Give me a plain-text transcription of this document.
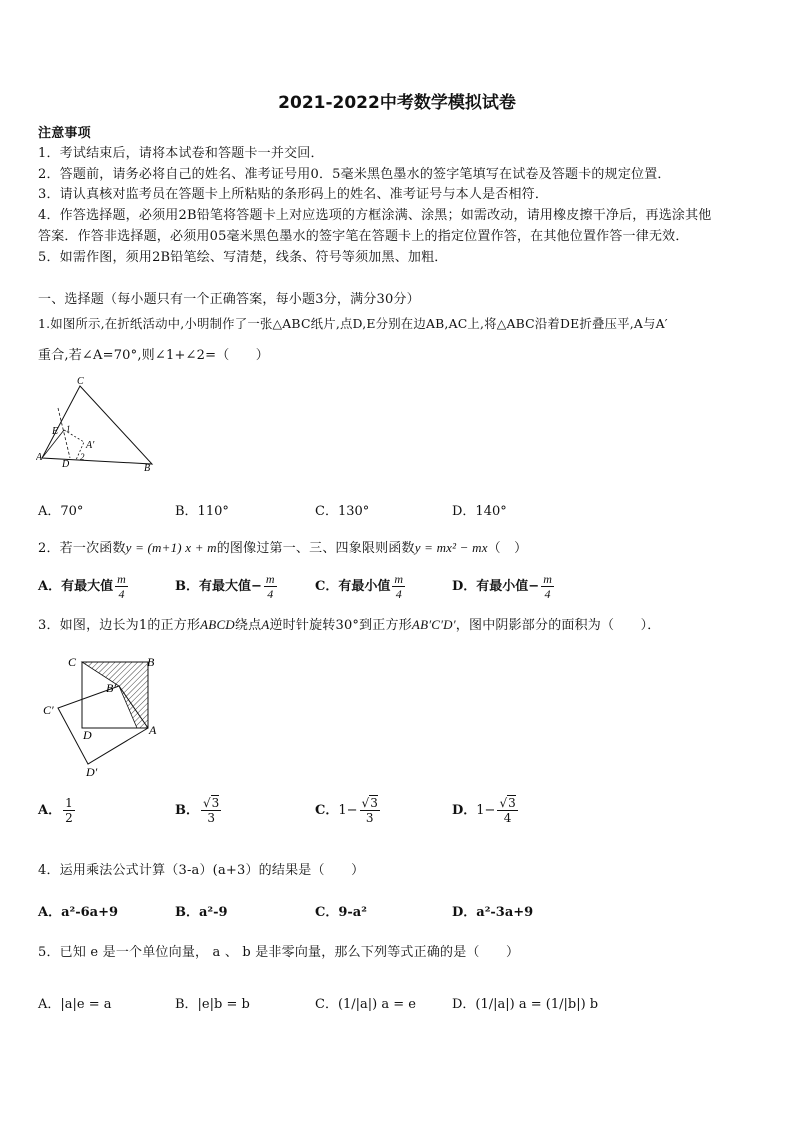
2021-2022中考数学模拟试卷
注意事项
1．考试结束后，请将本试卷和答题卡一并交回．
2．答题前，请务必将自己的姓名、准考证号用0．5毫米黑色墨水的签字笔填写在试卷及答题卡的规定位置．
3．请认真核对监考员在答题卡上所粘贴的条形码上的姓名、准考证号与本人是否相符．
4．作答选择题，必须用2B铅笔将答题卡上对应选项的方框涂满、涂黑；如需改动，请用橡皮擦干净后，再选涂其他
答案．作答非选择题，必须用05毫米黑色墨水的签字笔在答题卡上的指定位置作答，在其他位置作答一律无效．
5．如需作图，须用2B铅笔绘、写清楚，线条、符号等须加黑、加粗．
一、选择题（每小题只有一个正确答案，每小题3分，满分30分）
1.如图所示,在折纸活动中,小明制作了一张△ABC纸片,点D,E分别在边AB,AC上,将△ABC沿着DE折叠压平,A与A′
重合,若∠A=70°,则∠1+∠2=（　　）
C
E 1
A′
A
D
2
B
A．70°	B．110°	C．130°	D．140°
2．若一次函数y = (m+1) x + m的图像过第一、三、四象限则函数y = mx² − mx（　）
A．有最大值 $\frac{m}{4}$	B．有最大值− $\frac{m}{4}$	C．有最小值 $\frac{m}{4}$	D．有最小值− $\frac{m}{4}$
3．如图，边长为1的正方形ABCD绕点A逆时针旋转30°到正方形AB′C′D′，图中阴影部分的面积为（　　）．
C	B
B′
C′
D	A
D′
A． $\frac{1}{2}$	B． $\frac{√3}{3}$	C．$1- \frac{√3}{3}$	D．$1- \frac{√3}{4}$
4．运用乘法公式计算（3-a）(a+3）的结果是（　　）
A．a²-6a+9	B．a²-9	C．9-a²	D．a²-3a+9
5．已知 e 是一个单位向量， a 、 b 是非零向量，那么下列等式正确的是（　　）
A．|a|e = a	B．|e|b = b	C．(1/|a|) a = e	D．(1/|a|) a = (1/|b|) b
